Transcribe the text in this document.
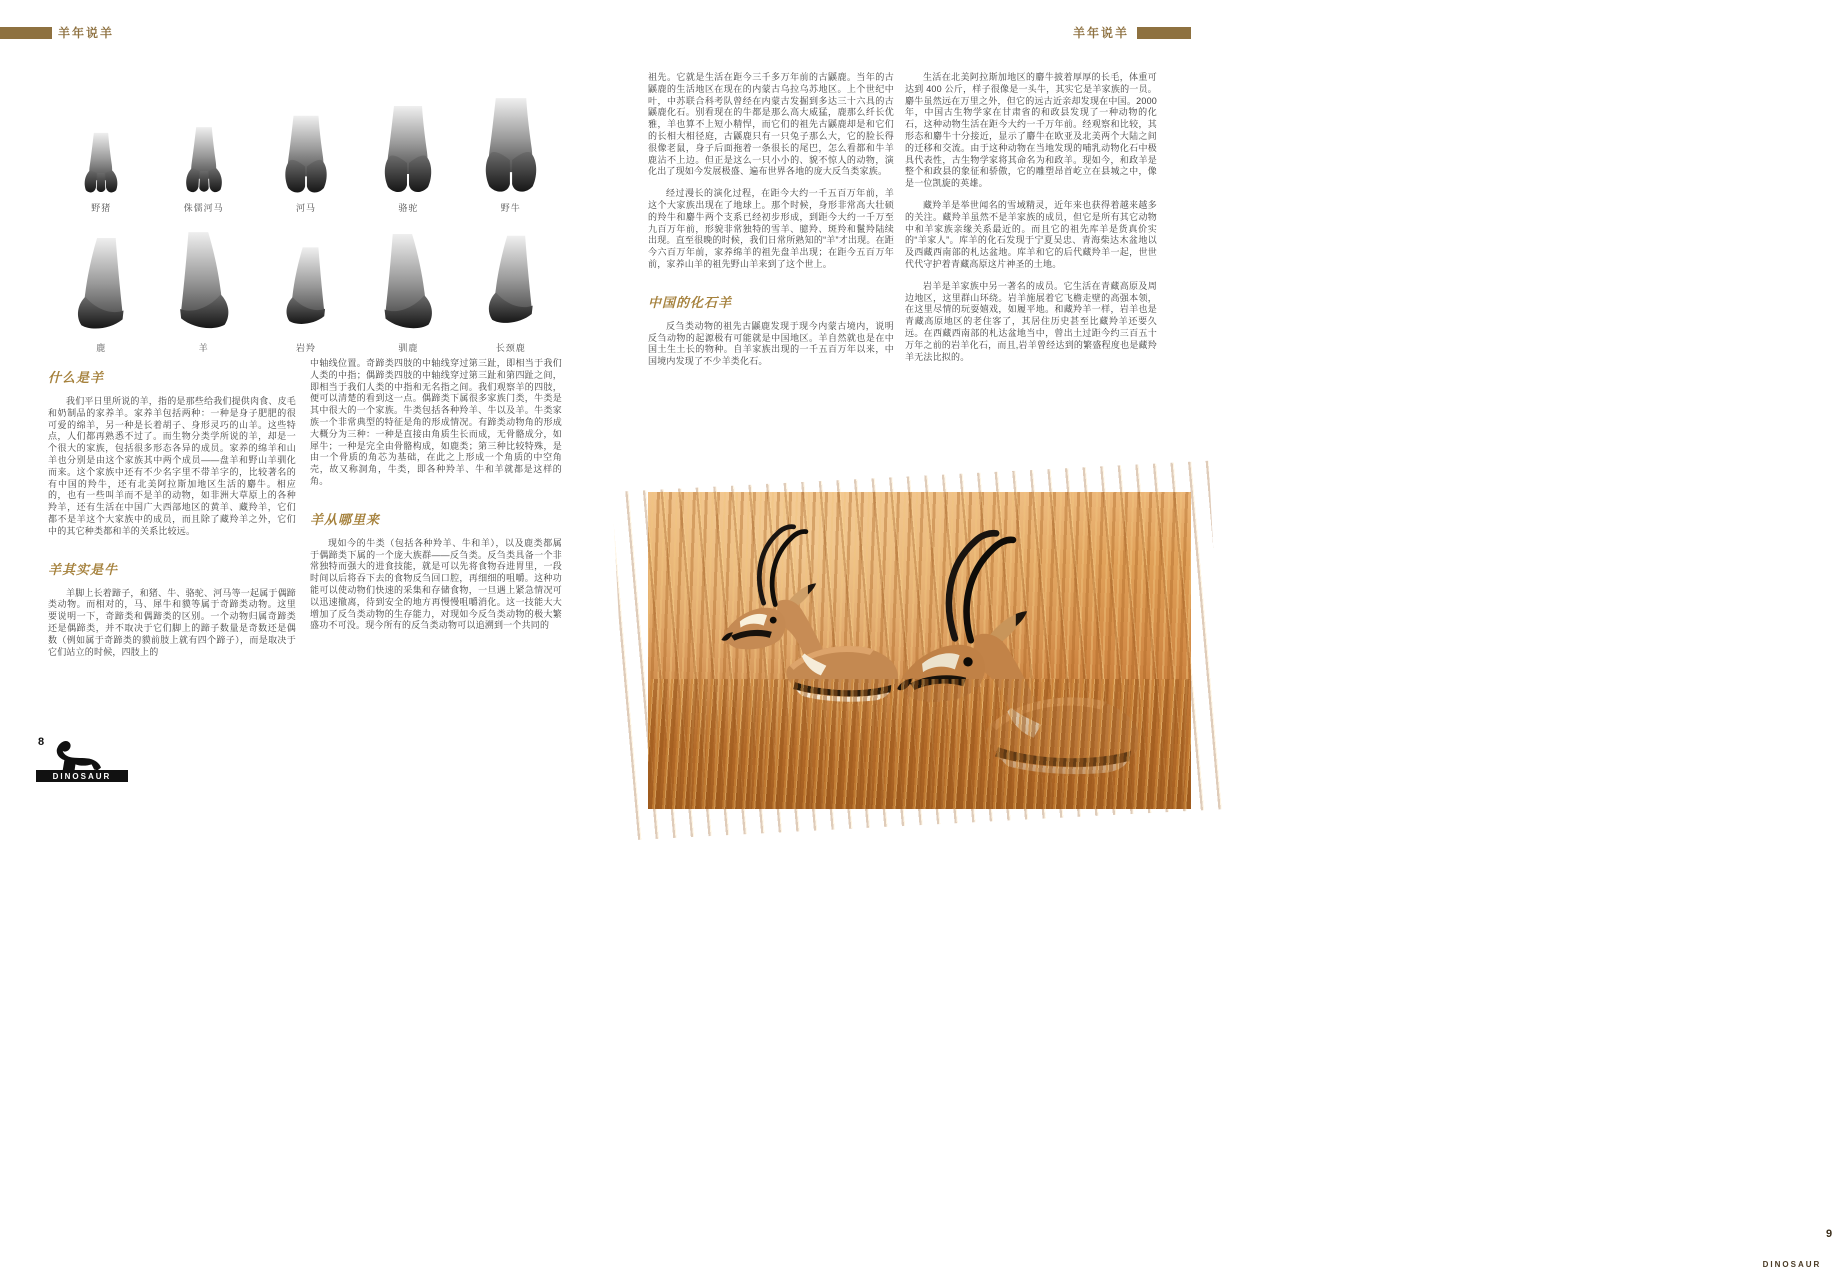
羊年说羊	羊年说羊
野猪	侏儒河马	河马	骆驼	野牛
鹿	羊	岩羚	驯鹿	长颈鹿
什么是羊

我们平日里所说的羊，指的是那些给我们提供肉食、皮毛和奶制品的家养羊。家养羊包括两种：一种是身子肥肥的很可爱的绵羊，另一种是长着胡子、身形灵巧的山羊。这些特点，人们都再熟悉不过了。而生物分类学所说的羊，却是一个很大的家族，包括很多形态各异的成员。家养的绵羊和山羊也分别是由这个家族其中两个成员——盘羊和野山羊驯化而来。这个家族中还有不少名字里不带羊字的，比较著名的有中国的羚牛，还有北美阿拉斯加地区生活的麝牛。相应的，也有一些叫羊而不是羊的动物，如非洲大草原上的各种羚羊，还有生活在中国广大西部地区的黄羊、藏羚羊，它们都不是羊这个大家族中的成员，而且除了藏羚羊之外，它们中的其它种类都和羊的关系比较远。

羊其实是牛

羊脚上长着蹄子，和猪、牛、骆驼、河马等一起属于偶蹄类动物。而相对的，马、犀牛和貘等属于奇蹄类动物。这里要说明一下，奇蹄类和偶蹄类的区别。一个动物归属奇蹄类还是偶蹄类，并不取决于它们脚上的蹄子数量是奇数还是偶数（例如属于奇蹄类的貘前肢上就有四个蹄子），而是取决于它们站立的时候，四肢上的

中轴线位置。奇蹄类四肢的中轴线穿过第三趾，即相当于我们人类的中指；偶蹄类四肢的中轴线穿过第三趾和第四趾之间，即相当于我们人类的中指和无名指之间。我们观察羊的四肢，便可以清楚的看到这一点。偶蹄类下属很多家族门类，牛类是其中很大的一个家族。牛类包括各种羚羊、牛以及羊。牛类家族一个非常典型的特征是角的形成情况。有蹄类动物角的形成大概分为三种：一种是直接由角质生长而成，无骨骼成分，如犀牛；一种是完全由骨骼构成，如鹿类；第三种比较特殊，是由一个骨质的角芯为基础，在此之上形成一个角质的中空角壳，故又称洞角，牛类，即各种羚羊、牛和羊就都是这样的角。

羊从哪里来

现如今的牛类（包括各种羚羊、牛和羊），以及鹿类都属于偶蹄类下属的一个庞大族群——反刍类。反刍类具备一个非常独特而强大的进食技能，就是可以先将食物吞进胃里，一段时间以后将吞下去的食物反刍回口腔，再细细的咀嚼。这种功能可以使动物们快速的采集和存储食物，一旦遇上紧急情况可以迅速撤离，待到安全的地方再慢慢咀嚼消化。这一技能大大增加了反刍类动物的生存能力，对现如今反刍类动物的极大繁盛功不可没。现今所有的反刍类动物可以追溯到一个共同的

祖先。它就是生活在距今三千多万年前的古鼷鹿。当年的古鼷鹿的生活地区在现在的内蒙古乌拉乌苏地区。上个世纪中叶，中苏联合科考队曾经在内蒙古发掘到多达三十六具的古鼷鹿化石。别看现在的牛都是那么高大威猛，鹿那么纤长优雅，羊也算不上短小精悍，而它们的祖先古鼷鹿却是和它们的长相大相径庭，古鼷鹿只有一只兔子那么大，它的脸长得很像老鼠，身子后面拖着一条很长的尾巴，怎么看都和牛羊鹿沾不上边。但正是这么一只小小的、貌不惊人的动物，演化出了现如今发展极盛、遍布世界各地的庞大反刍类家族。

经过漫长的演化过程，在距今大约一千五百万年前，羊这个大家族出现在了地球上。那个时候，身形非常高大壮硕的羚牛和麝牛两个支系已经初步形成，到距今大约一千万至九百万年前，形貌非常独特的雪羊、臆羚、斑羚和鬣羚陆续出现。直至很晚的时候，我们日常所熟知的“羊”才出现。在距今六百万年前，家养绵羊的祖先盘羊出现；在距今五百万年前，家养山羊的祖先野山羊来到了这个世上。

中国的化石羊

反刍类动物的祖先古鼷鹿发现于现今内蒙古境内，说明反刍动物的起源极有可能就是中国地区。羊自然就也是在中国土生土长的物种。自羊家族出现的一千五百万年以来，中国境内发现了不少羊类化石。

生活在北美阿拉斯加地区的麝牛披着厚厚的长毛，体重可达到 400 公斤，样子很像是一头牛，其实它是羊家族的一员。麝牛虽然远在万里之外，但它的远古近亲却发现在中国。2000 年，中国古生物学家在甘肃省的和政县发现了一种动物的化石，这种动物生活在距今大约一千万年前。经观察和比较，其形态和麝牛十分接近，显示了麝牛在欧亚及北美两个大陆之间的迁移和交流。由于这种动物在当地发现的哺乳动物化石中极具代表性，古生物学家将其命名为和政羊。现如今，和政羊是整个和政县的象征和骄傲，它的雕塑昂首屹立在县城之中，像是一位凯旋的英雄。

藏羚羊是举世闻名的雪域精灵，近年来也获得着越来越多的关注。藏羚羊虽然不是羊家族的成员，但它是所有其它动物中和羊家族亲缘关系最近的。而且它的祖先库羊是货真价实的“羊家人”。库羊的化石发现于宁夏吴忠、青海柴达木盆地以及西藏西南部的札达盆地。库羊和它的后代藏羚羊一起，世世代代守护着青藏高原这片神圣的土地。

岩羊是羊家族中另一著名的成员。它生活在青藏高原及周边地区，这里群山环绕。岩羊施展着它飞檐走壁的高强本领，在这里尽情的玩耍嬉戏，如履平地。和藏羚羊一样，岩羊也是青藏高原地区的老住客了，其居住历史甚至比藏羚羊还要久远。在西藏西南部的札达盆地当中，曾出土过距今约三百五十万年之前的岩羊化石，而且,岩羊曾经达到的繁盛程度也是藏羚羊无法比拟的。

9
DINOSAUR
8
DINOSAUR
